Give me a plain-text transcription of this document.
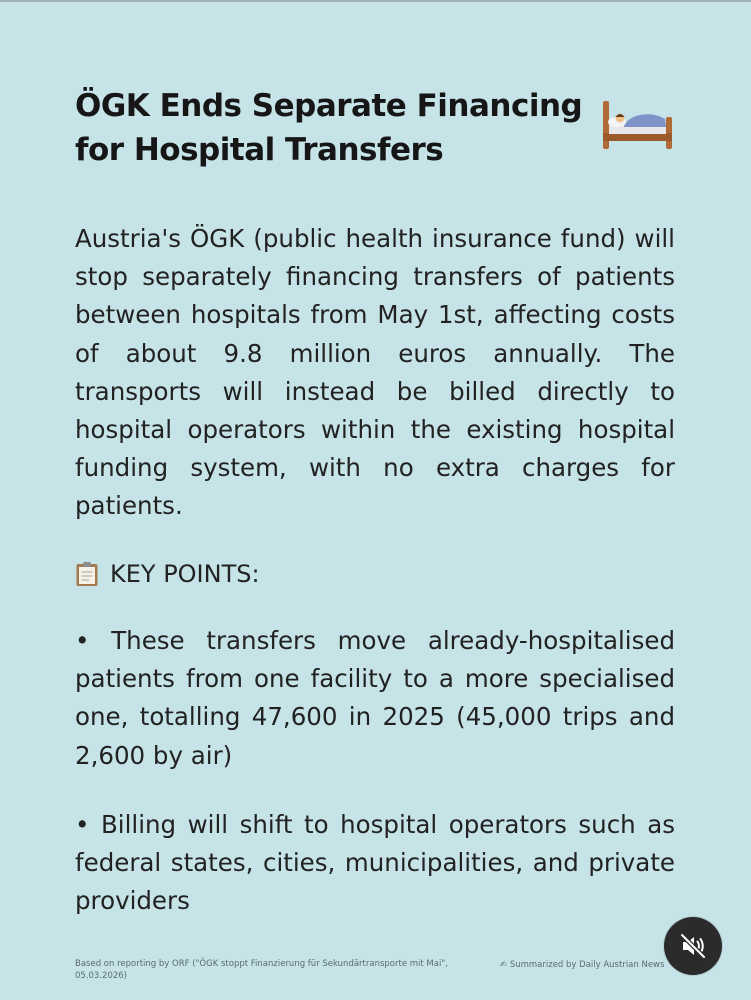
ÖGK Ends Separate Financing for Hospital Transfers

Austria's ÖGK (public health insurance fund) will stop separately financing transfers of patients between hospitals from May 1st, affecting costs of about 9.8 million euros annually. The transports will instead be billed directly to hospital operators within the existing hospital funding system, with no extra charges for patients.

KEY POINTS:

• These transfers move already-hospitalised patients from one facility to a more specialised one, totalling 47,600 in 2025 (45,000 trips and 2,600 by air)

• Billing will shift to hospital operators such as federal states, cities, municipalities, and private providers

Based on reporting by ORF ("ÖGK stoppt Finanzierung für Sekundärtransporte mit Mai", 05.03.2026)
✍ Summarized by Daily Austrian News
